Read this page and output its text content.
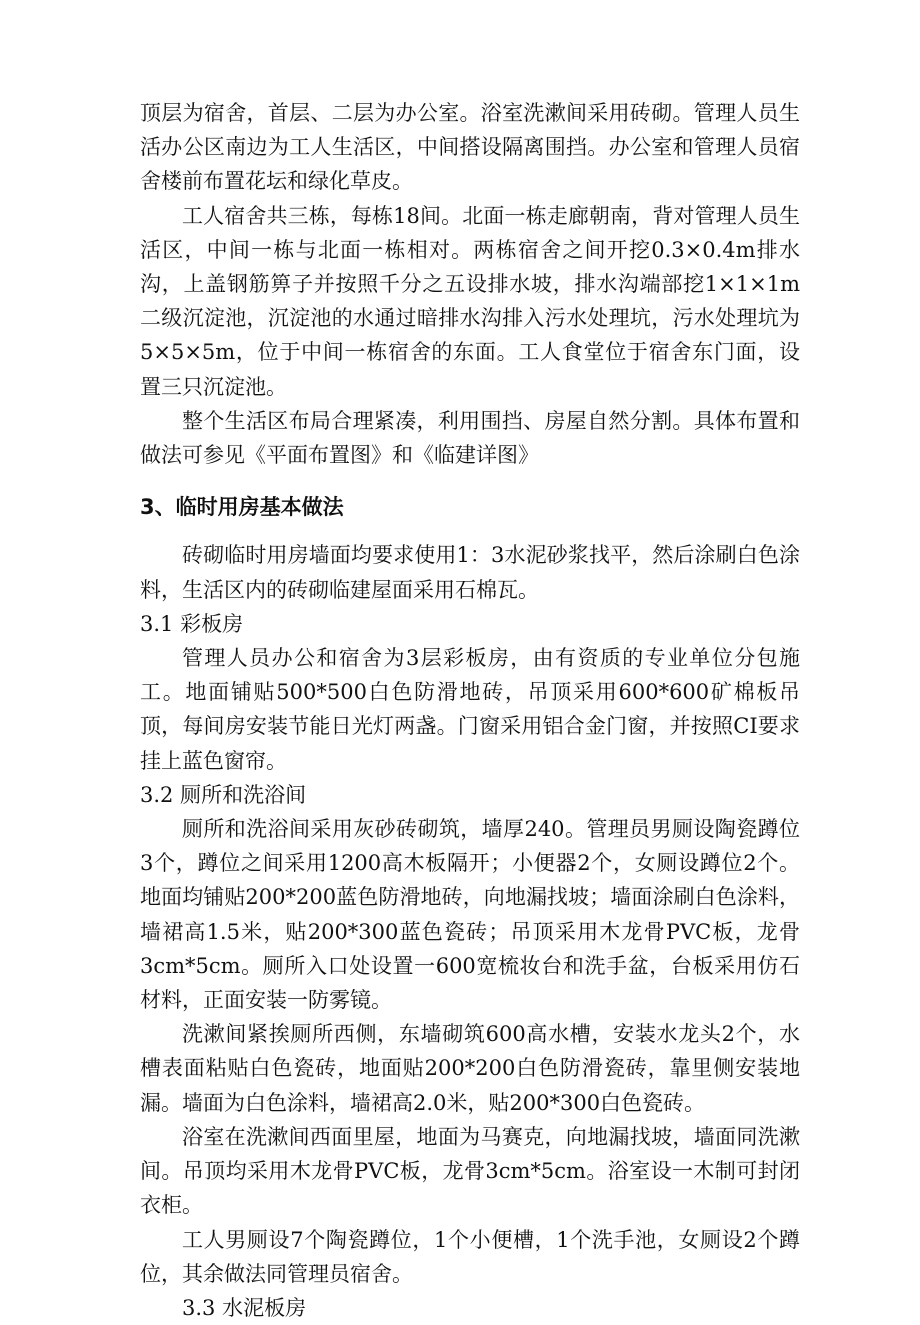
顶层为宿舍，首层、二层为办公室。浴室洗漱间采用砖砌。管理人员生活办公区南边为工人生活区，中间搭设隔离围挡。办公室和管理人员宿舍楼前布置花坛和绿化草皮。

工人宿舍共三栋，每栋18间。北面一栋走廊朝南，背对管理人员生活区，中间一栋与北面一栋相对。两栋宿舍之间开挖0.3×0.4m排水沟，上盖钢筋箅子并按照千分之五设排水坡，排水沟端部挖1×1×1m二级沉淀池，沉淀池的水通过暗排水沟排入污水处理坑，污水处理坑为5×5×5m，位于中间一栋宿舍的东面。工人食堂位于宿舍东门面，设置三只沉淀池。

整个生活区布局合理紧凑，利用围挡、房屋自然分割。具体布置和做法可参见《平面布置图》和《临建详图》

3、临时用房基本做法

砖砌临时用房墙面均要求使用1：3水泥砂浆找平，然后涂刷白色涂料，生活区内的砖砌临建屋面采用石棉瓦。

3.1 彩板房

管理人员办公和宿舍为3层彩板房，由有资质的专业单位分包施工。地面铺贴500*500白色防滑地砖，吊顶采用600*600矿棉板吊顶，每间房安装节能日光灯两盏。门窗采用铝合金门窗，并按照CI要求挂上蓝色窗帘。

3.2 厕所和洗浴间

厕所和洗浴间采用灰砂砖砌筑，墙厚240。管理员男厕设陶瓷蹲位3个，蹲位之间采用1200高木板隔开；小便器2个，女厕设蹲位2个。地面均铺贴200*200蓝色防滑地砖，向地漏找坡；墙面涂刷白色涂料，墙裙高1.5米，贴200*300蓝色瓷砖；吊顶采用木龙骨PVC板，龙骨3cm*5cm。厕所入口处设置一600宽梳妆台和洗手盆，台板采用仿石材料，正面安装一防雾镜。

洗漱间紧挨厕所西侧，东墙砌筑600高水槽，安装水龙头2个，水槽表面粘贴白色瓷砖，地面贴200*200白色防滑瓷砖，靠里侧安装地漏。墙面为白色涂料，墙裙高2.0米，贴200*300白色瓷砖。

浴室在洗漱间西面里屋，地面为马赛克，向地漏找坡，墙面同洗漱间。吊顶均采用木龙骨PVC板，龙骨3cm*5cm。浴室设一木制可封闭衣柜。

工人男厕设7个陶瓷蹲位，1个小便槽，1个洗手池，女厕设2个蹲位，其余做法同管理员宿舍。

3.3 水泥板房
